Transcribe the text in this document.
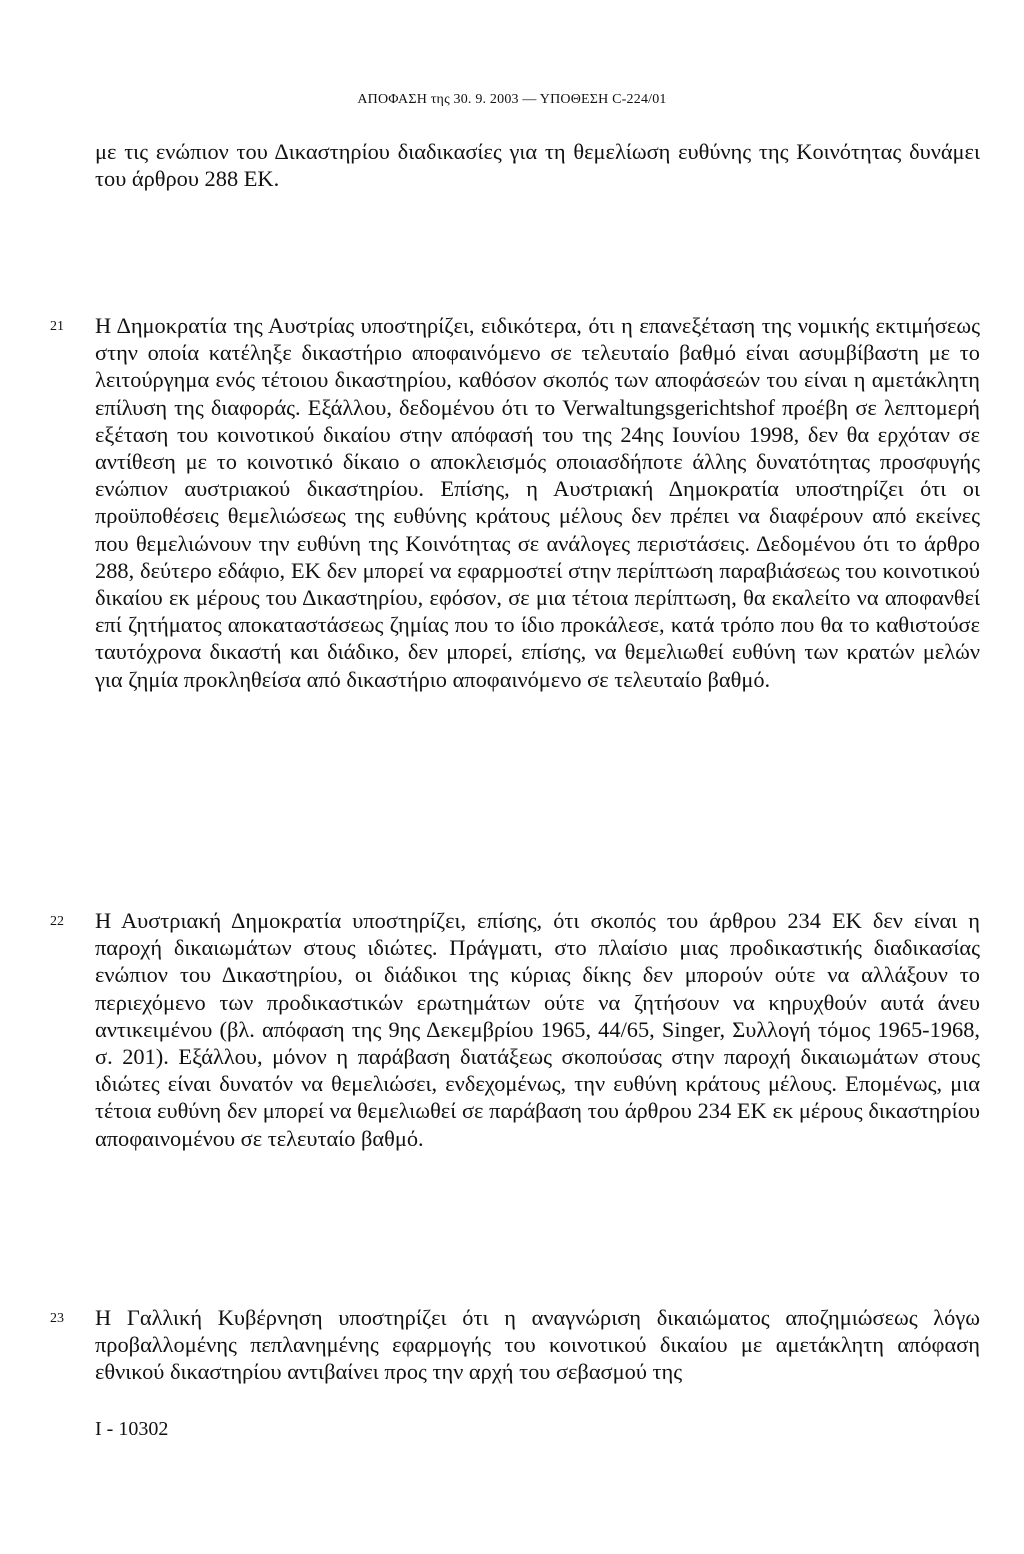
ΑΠΟΦΑΣΗ της 30. 9. 2003 — ΥΠΟΘΕΣΗ C-224/01
με τις ενώπιον του Δικαστηρίου διαδικασίες για τη θεμελίωση ευθύνης της Κοινότητας δυνάμει του άρθρου 288 ΕΚ.
21 Η Δημοκρατία της Αυστρίας υποστηρίζει, ειδικότερα, ότι η επανεξέταση της νομικής εκτιμήσεως στην οποία κατέληξε δικαστήριο αποφαινόμενο σε τελευταίο βαθμό είναι ασυμβίβαστη με το λειτούργημα ενός τέτοιου δικαστηρίου, καθόσον σκοπός των αποφάσεών του είναι η αμετάκλητη επίλυση της διαφοράς. Εξάλλου, δεδομένου ότι το Verwaltungsgerichtshof προέβη σε λεπτομερή εξέταση του κοινοτικού δικαίου στην απόφασή του της 24ης Ιουνίου 1998, δεν θα ερχόταν σε αντίθεση με το κοινοτικό δίκαιο ο αποκλεισμός οποιασδήποτε άλλης δυνατότητας προσφυγής ενώπιον αυστριακού δικαστηρίου. Επίσης, η Αυστριακή Δημοκρατία υποστηρίζει ότι οι προϋποθέσεις θεμελιώσεως της ευθύνης κράτους μέλους δεν πρέπει να διαφέρουν από εκείνες που θεμελιώνουν την ευθύνη της Κοινότητας σε ανάλογες περιστάσεις. Δεδομένου ότι το άρθρο 288, δεύτερο εδάφιο, ΕΚ δεν μπορεί να εφαρμοστεί στην περίπτωση παραβιάσεως του κοινοτικού δικαίου εκ μέρους του Δικαστηρίου, εφόσον, σε μια τέτοια περίπτωση, θα εκαλείτο να αποφανθεί επί ζητήματος αποκαταστάσεως ζημίας που το ίδιο προκάλεσε, κατά τρόπο που θα το καθιστούσε ταυτόχρονα δικαστή και διάδικο, δεν μπορεί, επίσης, να θεμελιωθεί ευθύνη των κρατών μελών για ζημία προκληθείσα από δικαστήριο αποφαινόμενο σε τελευταίο βαθμό.
22 Η Αυστριακή Δημοκρατία υποστηρίζει, επίσης, ότι σκοπός του άρθρου 234 ΕΚ δεν είναι η παροχή δικαιωμάτων στους ιδιώτες. Πράγματι, στο πλαίσιο μιας προδικαστικής διαδικασίας ενώπιον του Δικαστηρίου, οι διάδικοι της κύριας δίκης δεν μπορούν ούτε να αλλάξουν το περιεχόμενο των προδικαστικών ερωτημάτων ούτε να ζητήσουν να κηρυχθούν αυτά άνευ αντικειμένου (βλ. απόφαση της 9ης Δεκεμβρίου 1965, 44/65, Singer, Συλλογή τόμος 1965-1968, σ. 201). Εξάλλου, μόνον η παράβαση διατάξεως σκοπούσας στην παροχή δικαιωμάτων στους ιδιώτες είναι δυνατόν να θεμελιώσει, ενδεχομένως, την ευθύνη κράτους μέλους. Επομένως, μια τέτοια ευθύνη δεν μπορεί να θεμελιωθεί σε παράβαση του άρθρου 234 ΕΚ εκ μέρους δικαστηρίου αποφαινομένου σε τελευταίο βαθμό.
23 Η Γαλλική Κυβέρνηση υποστηρίζει ότι η αναγνώριση δικαιώματος αποζημιώσεως λόγω προβαλλομένης πεπλανημένης εφαρμογής του κοινοτικού δικαίου με αμετάκλητη απόφαση εθνικού δικαστηρίου αντιβαίνει προς την αρχή του σεβασμού της
I - 10302
